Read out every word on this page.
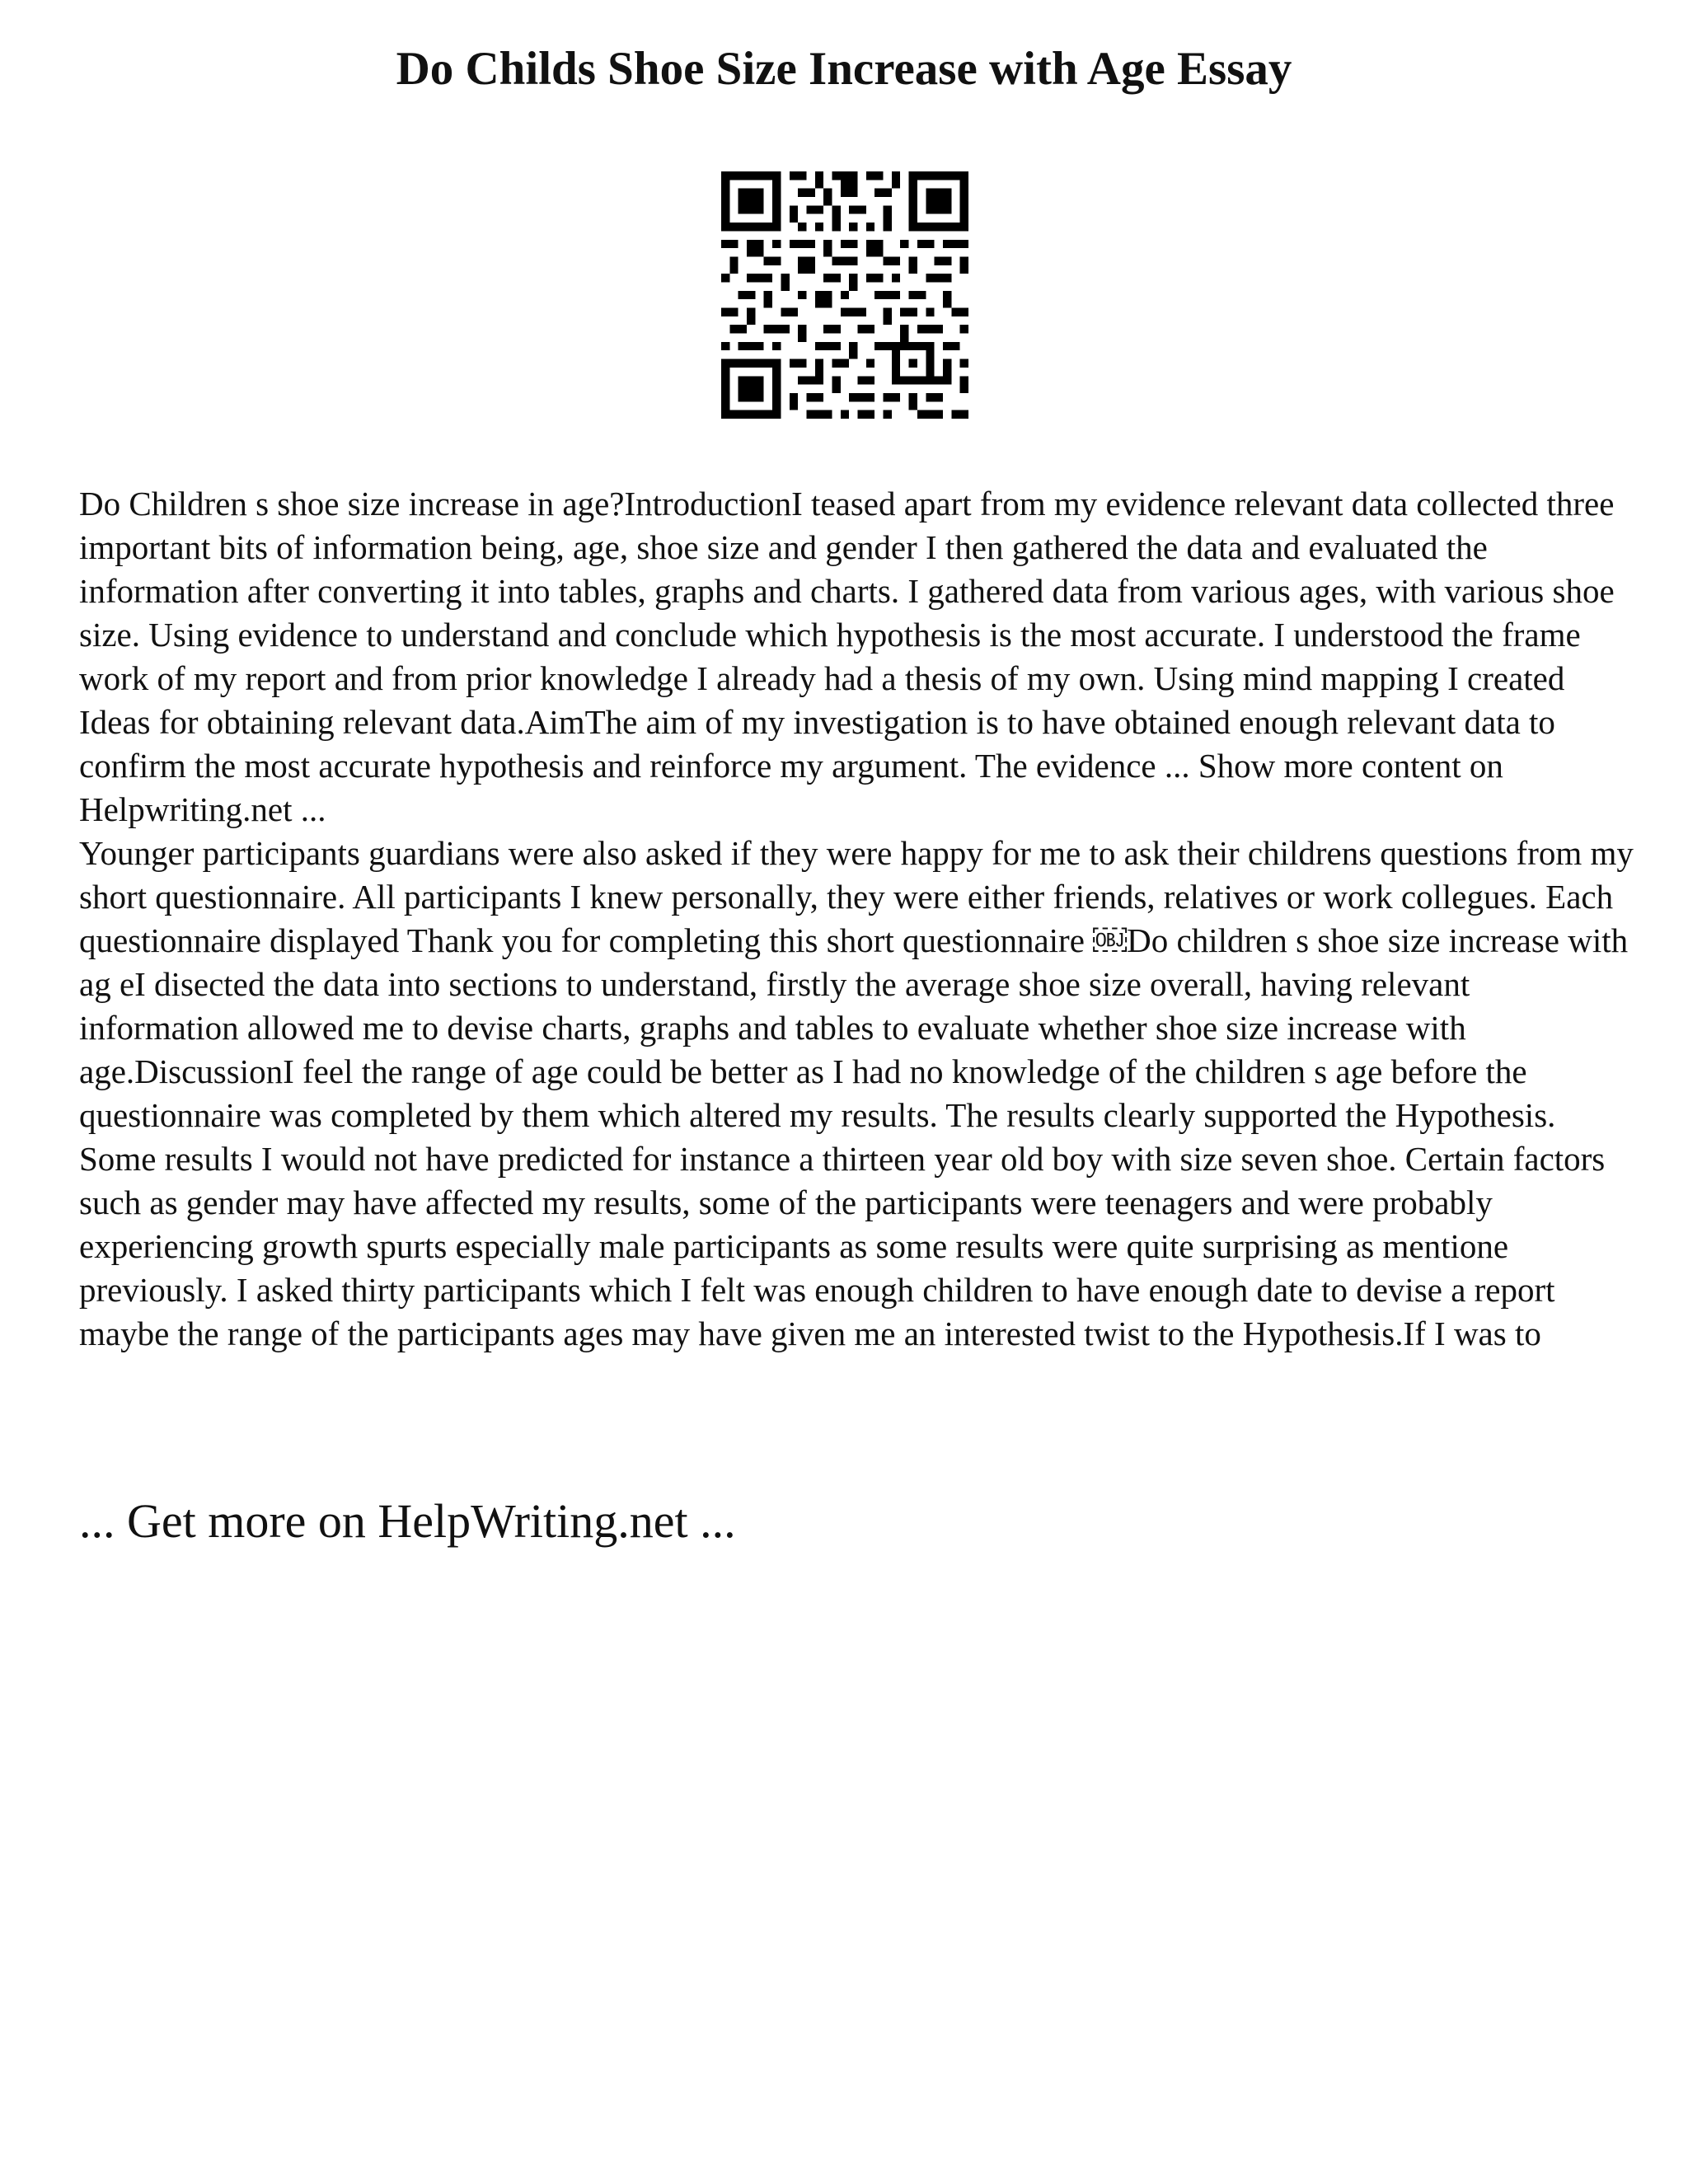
Do Childs Shoe Size Increase with Age Essay

Do Children s shoe size increase in age?IntroductionI teased apart from my evidence relevant data collected three important bits of information being, age, shoe size and gender I then gathered the data and evaluated the information after converting it into tables, graphs and charts. I gathered data from various ages, with various shoe size. Using evidence to understand and conclude which hypothesis is the most accurate. I understood the frame work of my report and from prior knowledge I already had a thesis of my own. Using mind mapping I created Ideas for obtaining relevant data.AimThe aim of my investigation is to have obtained enough relevant data to confirm the most accurate hypothesis and reinforce my argument. The evidence ... Show more content on Helpwriting.net ...

Younger participants guardians were also asked if they were happy for me to ask their childrens questions from my short questionnaire. All participants I knew personally, they were either friends, relatives or work collegues. Each questionnaire displayed Thank you for completing this short questionnaire ￼Do children s shoe size increase with ag eI disected the data into sections to understand, firstly the average shoe size overall, having relevant information allowed me to devise charts, graphs and tables to evaluate whether shoe size increase with age.DiscussionI feel the range of age could be better as I had no knowledge of the children s age before the questionnaire was completed by them which altered my results. The results clearly supported the Hypothesis. Some results I would not have predicted for instance a thirteen year old boy with size seven shoe. Certain factors such as gender may have affected my results, some of the participants were teenagers and were probably experiencing growth spurts especially male participants as some results were quite surprising as mentione previously. I asked thirty participants which I felt was enough children to have enough date to devise a report maybe the range of the participants ages may have given me an interested twist to the Hypothesis.If I was to

... Get more on HelpWriting.net ...
